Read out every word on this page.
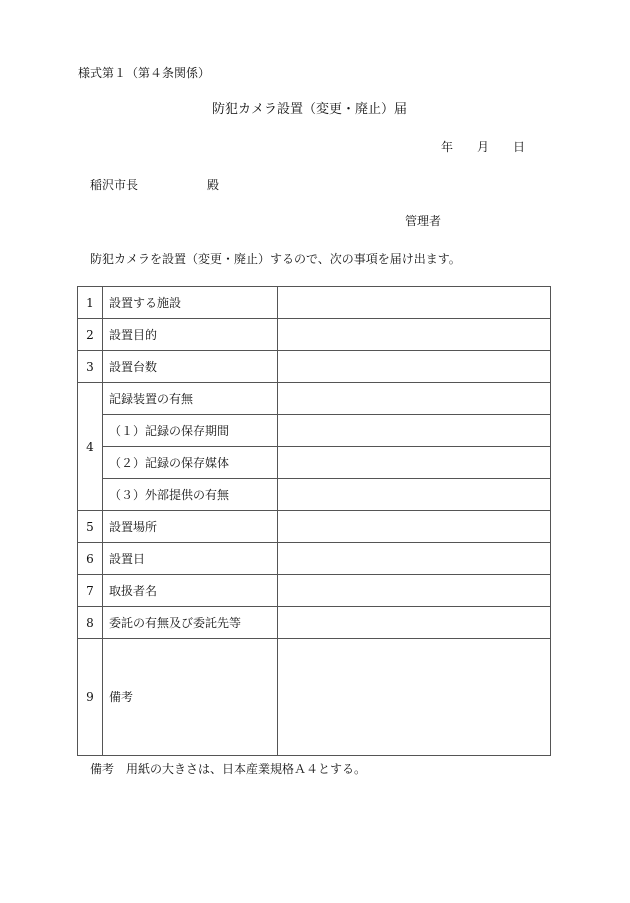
様式第１（第４条関係）
防犯カメラ設置（変更・廃止）届
年 月 日
稲沢市長	殿
管理者
防犯カメラを設置（変更・廃止）するので、次の事項を届け出ます。
1	設置する施設	
2	設置目的	
3	設置台数	
4	記録装置の有無	
	（１）記録の保存期間	
	（２）記録の保存媒体	
	（３）外部提供の有無	
5	設置場所	
6	設置日	
7	取扱者名	
8	委託の有無及び委託先等	
9	備考	
備考　用紙の大きさは、日本産業規格Ａ４とする。
